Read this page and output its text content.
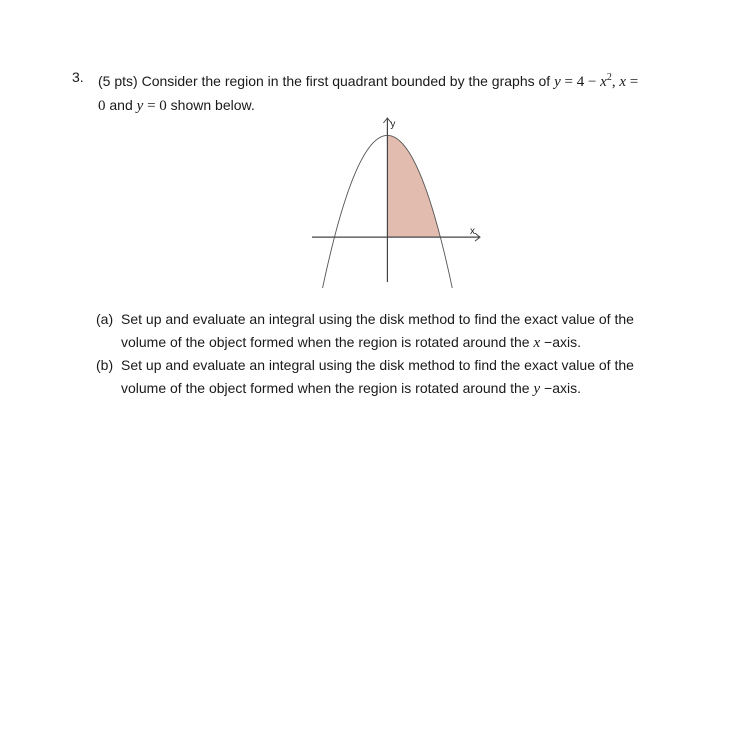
3. (5 pts) Consider the region in the first quadrant bounded by the graphs of $y = 4 - x^2$, x =
0 and y = 0 shown below.
y
x
(a) Set up and evaluate an integral using the disk method to find the exact value of the
volume of the object formed when the region is rotated around the x −axis.
(b) Set up and evaluate an integral using the disk method to find the exact value of the
volume of the object formed when the region is rotated around the y −axis.
